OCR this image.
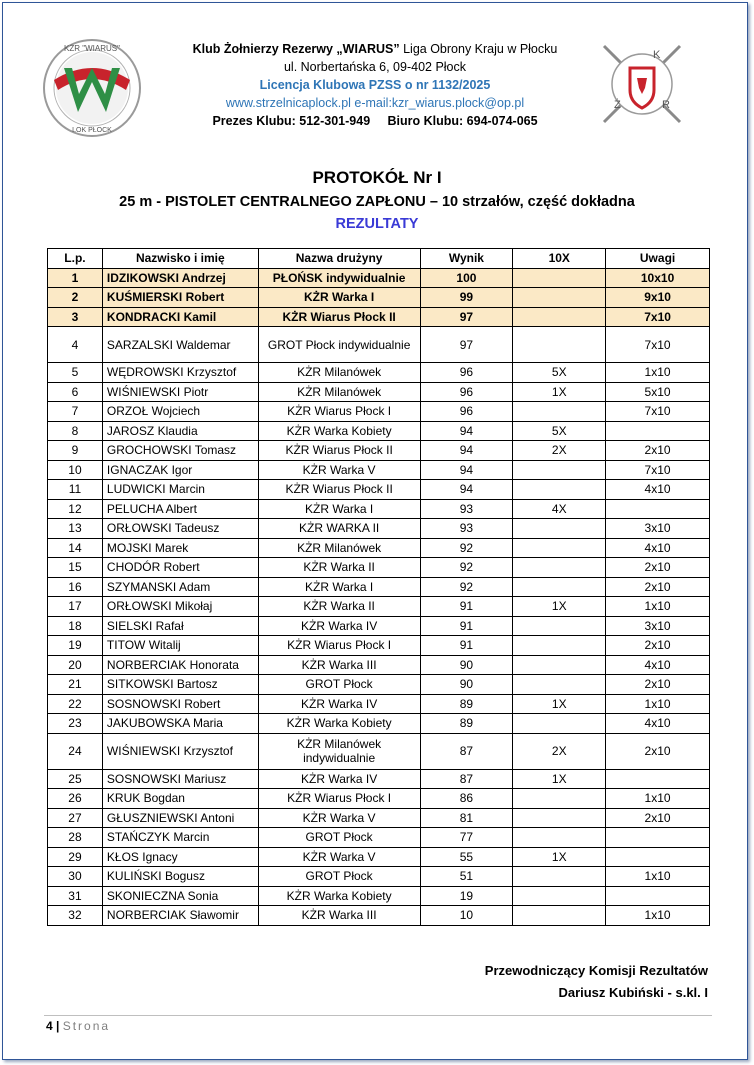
KŻR "WIARUS"
LOK PŁOCK
Klub Żołnierzy Rezerwy „WIARUS” Liga Obrony Kraju w Płocku
ul. Norbertańska 6, 09-402 Płock
Licencja Klubowa PZSS o nr 1132/2025
www.strzelnicaplock.pl e-mail:kzr_wiarus.plock@op.pl
Prezes Klubu: 512-301-949     Biuro Klubu: 694-074-065
K
Ż	R
PROTOKÓŁ Nr I
25 m - PISTOLET CENTRALNEGO ZAPŁONU – 10 strzałów, część dokładna
REZULTATY
L.p.	Nazwisko i imię	Nazwa drużyny	Wynik	10X	Uwagi
1	IDZIKOWSKI Andrzej	PŁOŃSK indywidualnie	100		10x10
2	KUŚMIERSKI Robert	KŻR Warka I	99		9x10
3	KONDRACKI Kamil	KŻR Wiarus Płock II	97		7x10
4	SARZALSKI Waldemar	GROT Płock indywidualnie	97		7x10
5	WĘDROWSKI Krzysztof	KŻR Milanówek	96	5X	1x10
6	WIŚNIEWSKI Piotr	KŻR Milanówek	96	1X	5x10
7	ORZOŁ Wojciech	KŻR Wiarus Płock I	96		7x10
8	JAROSZ Klaudia	KŻR Warka Kobiety	94	5X	
9	GROCHOWSKI Tomasz	KŻR Wiarus Płock II	94	2X	2x10
10	IGNACZAK Igor	KŻR Warka V	94		7x10
11	LUDWICKI Marcin	KŻR Wiarus Płock II	94		4x10
12	PELUCHA Albert	KŻR Warka I	93	4X	
13	ORŁOWSKI Tadeusz	KŻR WARKA II	93		3x10
14	MOJSKI Marek	KŻR Milanówek	92		4x10
15	CHODÓR Robert	KŻR Warka II	92		2x10
16	SZYMANSKI Adam	KŻR Warka I	92		2x10
17	ORŁOWSKI Mikołaj	KŻR Warka II	91	1X	1x10
18	SIELSKI Rafał	KŻR Warka IV	91		3x10
19	TITOW Witalij	KŻR Wiarus Płock I	91		2x10
20	NORBERCIAK Honorata	KŻR Warka III	90		4x10
21	SITKOWSKI Bartosz	GROT Płock	90		2x10
22	SOSNOWSKI Robert	KŻR Warka IV	89	1X	1x10
23	JAKUBOWSKA Maria	KŻR Warka Kobiety	89		4x10
24	WIŚNIEWSKI Krzysztof	KŻR Milanówek indywidualnie	87	2X	2x10
25	SOSNOWSKI Mariusz	KŻR Warka IV	87	1X	
26	KRUK Bogdan	KŻR Wiarus Płock I	86		1x10
27	GŁUSZNIEWSKI Antoni	KŻR Warka V	81		2x10
28	STAŃCZYK Marcin	GROT Płock	77		
29	KŁOS Ignacy	KŻR Warka V	55	1X	
30	KULIŃSKI Bogusz	GROT Płock	51		1x10
31	SKONIECZNA Sonia	KŻR Warka Kobiety	19		
32	NORBERCIAK Sławomir	KŻR Warka III	10		1x10
Przewodniczący Komisji Rezultatów
Dariusz Kubiński - s.kl. I
4 | Strona
